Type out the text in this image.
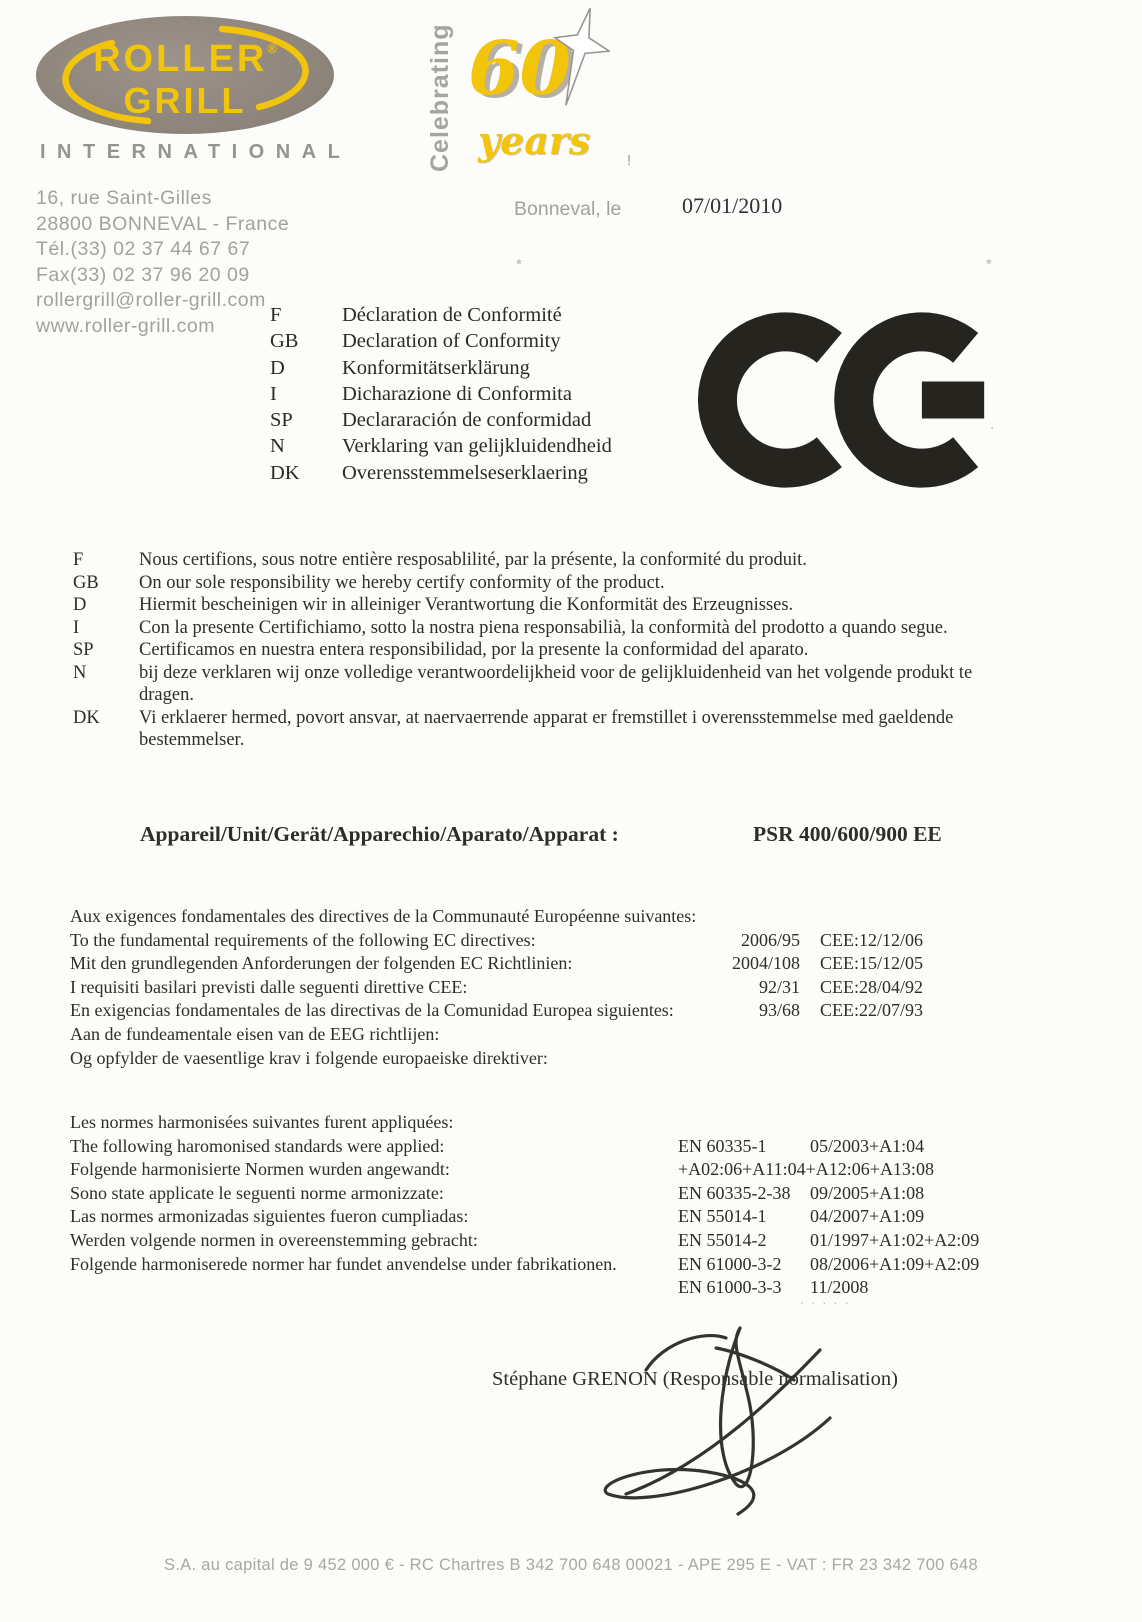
ROLLER®
GRILL
INTERNATIONAL
16, rue Saint-Gilles
28800 BONNEVAL - France
Tél.(33) 02 37 44 67 67
Fax(33) 02 37 96 20 09
rollergrill@roller-grill.com
www.roller-grill.com
Celebrating 60
years
Bonneval, le	07/01/2010
F	Déclaration de Conformité
GB Declaration of Conformity
D	Konformitätserklärung
I	Dicharazione di Conformita
SP Declararación de conformidad
N	Verklaring van gelijkluidendheid
DK Overensstemmelseserklaering
F	Nous certifions, sous notre entière resposablilité, par la présente, la conformité du produit.
GB	On our sole responsibility we hereby certify conformity of the product.
D	Hiermit bescheinigen wir in alleiniger Verantwortung die Konformität des Erzeugnisses.
I	Con la presente Certifichiamo, sotto la nostra piena responsabilià, la conformità del prodotto a quando segue.
SP	Certificamos en nuestra entera responsibilidad, por la presente la conformidad del aparato.
N	bij deze verklaren wij onze volledige verantwoordelijkheid voor de gelijkluidenheid van het volgende produkt te dragen.
DK	Vi erklaerer hermed, povort ansvar, at naervaerrende apparat er fremstillet i overensstemmelse med gaeldende bestemmelser.
Appareil/Unit/Gerät/Apparechio/Aparato/Apparat :	PSR 400/600/900 EE
Aux exigences fondamentales des directives de la Communauté Européenne suivantes:
To the fundamental requirements of the following EC directives:	2006/95 CEE:12/12/06
Mit den grundlegenden Anforderungen der folgenden EC Richtlinien:	2004/108 CEE:15/12/05
I requisiti basilari previsti dalle seguenti direttive CEE:	92/31 CEE:28/04/92
En exigencias fondamentales de las directivas de la Comunidad Europea siguientes:	93/68 CEE:22/07/93
Aan de fundeamentale eisen van de EEG richtlijen:
Og opfylder de vaesentlige krav i folgende europaeiske direktiver:
Les normes harmonisées suivantes furent appliquées:
The following haromonised standards were applied:	EN 60335-1 05/2003+A1:04
Folgende harmonisierte Normen wurden angewandt:	+A02:06+A11:04+A12:06+A13:08
Sono state applicate le seguenti norme armonizzate:	EN 60335-2-38 09/2005+A1:08
Las normes armonizadas siguientes fueron cumpliadas:	EN 55014-1 04/2007+A1:09
Werden volgende normen in overeenstemming gebracht:	EN 55014-2 01/1997+A1:02+A2:09
Folgende harmoniserede normer har fundet anvendelse under fabrikationen.	EN 61000-3-2 08/2006+A1:09+A2:09
EN 61000-3-3 11/2008
Stéphane GRENON (Responsable normalisation)
S.A. au capital de 9 452 000 € - RC Chartres B 342 700 648 00021 - APE 295 E - VAT : FR 23 342 700 648
!
*	*
.
. . . . .
